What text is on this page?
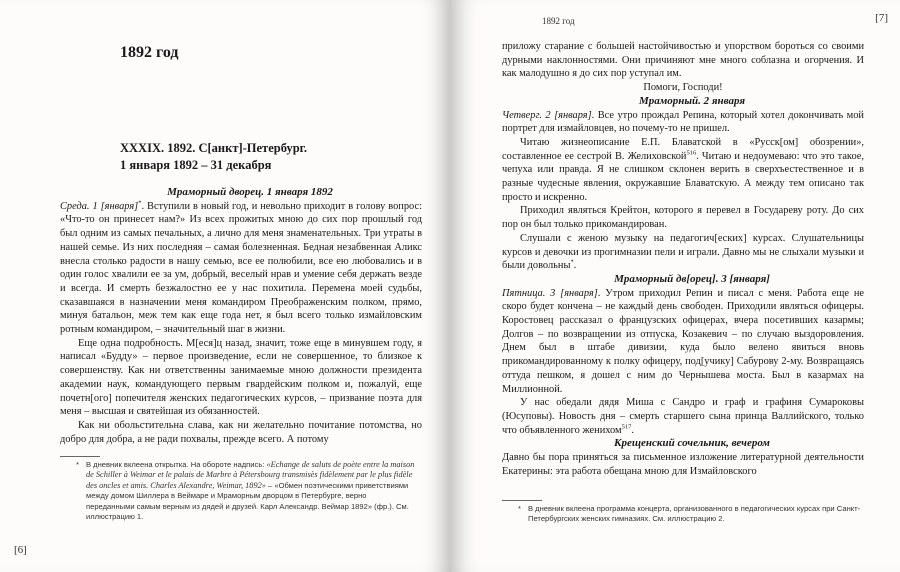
1892 год
XXXIX. 1892. С[анкт]-Петербург.
1 января 1892 – 31 декабря

Мраморный дворец. 1 января 1892

Среда. 1 [января]*. Вступили в новый год, и невольно приходит в голову вопрос: «Что-то он принесет нам?» Из всех прожитых мною до сих пор прошлый год был одним из самых печальных, а лично для меня знаменательных. Три утраты в нашей семье. Из них последняя – самая болезненная. Бедная незабвенная Аликс внесла столько радости в нашу семью, все ее полюбили, все ею любовались и в один голос хвалили ее за ум, добрый, веселый нрав и умение себя держать везде и всегда. И смерть безжалостно ее у нас похитила. Перемена моей судьбы, сказавшаяся в назначении меня командиром Преображенским полком, прямо, минуя батальон, меж тем как еще года нет, я был всего только измайловским ротным командиром, – значительный шаг в жизни.

Еще одна подробность. М[еся]ц назад, значит, тоже еще в минувшем году, я написал «Будду» – первое произведение, если не совершенное, то близкое к совершенству. Как ни ответственны занимаемые мною должности президента академии наук, командующего первым гвардейским полком и, пожалуй, еще почетн[ого] попечителя женских педагогических курсов, – призвание поэта для меня – высшая и святейшая из обязанностей.

Как ни обольстительна слава, как ни желательно почитание потомства, но добро для добра, а не ради похвалы, прежде всего. А потому

* В дневник вклеена открытка. На обороте надпись: «Echange de saluts de poète entre la maison de Schiller à Weimar et le palais de Marbre à Pétersbourg transmisès fidèlement par le plus fidèle des oncles et amis. Charles Alexandre, Weimar, 1892» – «Обмен поэтическими приветствиями между домом Шиллера в Веймаре и Мраморным дворцом в Петербурге, верно переданными самым верным из дядей и друзей. Карл Александр. Веймар 1892» (фр.). См. иллюстрацию 1.
[6]
1892 год	[7]

приложу старание с большей настойчивостью и упорством бороться со своими дурными наклонностями. Они причиняют мне много соблазна и огорчения. И как малодушно я до сих пор уступал им.

Помоги, Господи!

Мраморный. 2 января

Четверг. 2 [января]. Все утро прождал Репина, который хотел докончивать мой портрет для измайловцев, но почему-то не пришел.

Читаю жизнеописание Е.П. Блаватской в «Русск[ом] обозрении», составленное ее сестрой В. Желиховской$^{516}$. Читаю и недоумеваю: что это такое, чепуха или правда. Я не слишком склонен верить в сверхъестественное и в разные чудесные явления, окружавшие Блаватскую. А между тем описано так просто и искренно.

Приходил являться Крейтон, которого я перевел в Государеву роту. До сих пор он был только прикомандирован.

Слушали с женою музыку на педагогич[еских] курсах. Слушательницы курсов и девочки из прогимназии пели и играли. Давно мы не слыхали музыки и были довольны*.

Мраморный дв[орец]. 3 [января]

Пятница. 3 [января]. Утром приходил Репин и писал с меня. Работа еще не скоро будет кончена – не каждый день свободен. Приходили являться офицеры. Коростовец рассказал о французских офицерах, вчера посетивших казармы; Долгов – по возвращении из отпуска, Козакевич – по случаю выздоровления. Днем был в штабе дивизии, куда было велено явиться вновь прикомандированному к полку офицеру, под[учику] Сабурову 2-му. Возвращаясь оттуда пешком, я дошел с ним до Чернышева моста. Был в казармах на Миллионной.

У нас обедали дядя Миша с Сандро и граф и графиня Сумароковы (Юсуповы). Новость дня – смерть старшего сына принца Валлийского, только что объявленного женихом$^{517}$.

Крещенский сочельник, вечером

Давно бы пора приняться за письменное изложение литературной деятельности Екатерины: эта работа обещана мною для Измайловского

* В дневник вклеена программа концерта, организованного в педагогических курсах при Санкт-Петербургских женских гимназиях. См. иллюстрацию 2.
